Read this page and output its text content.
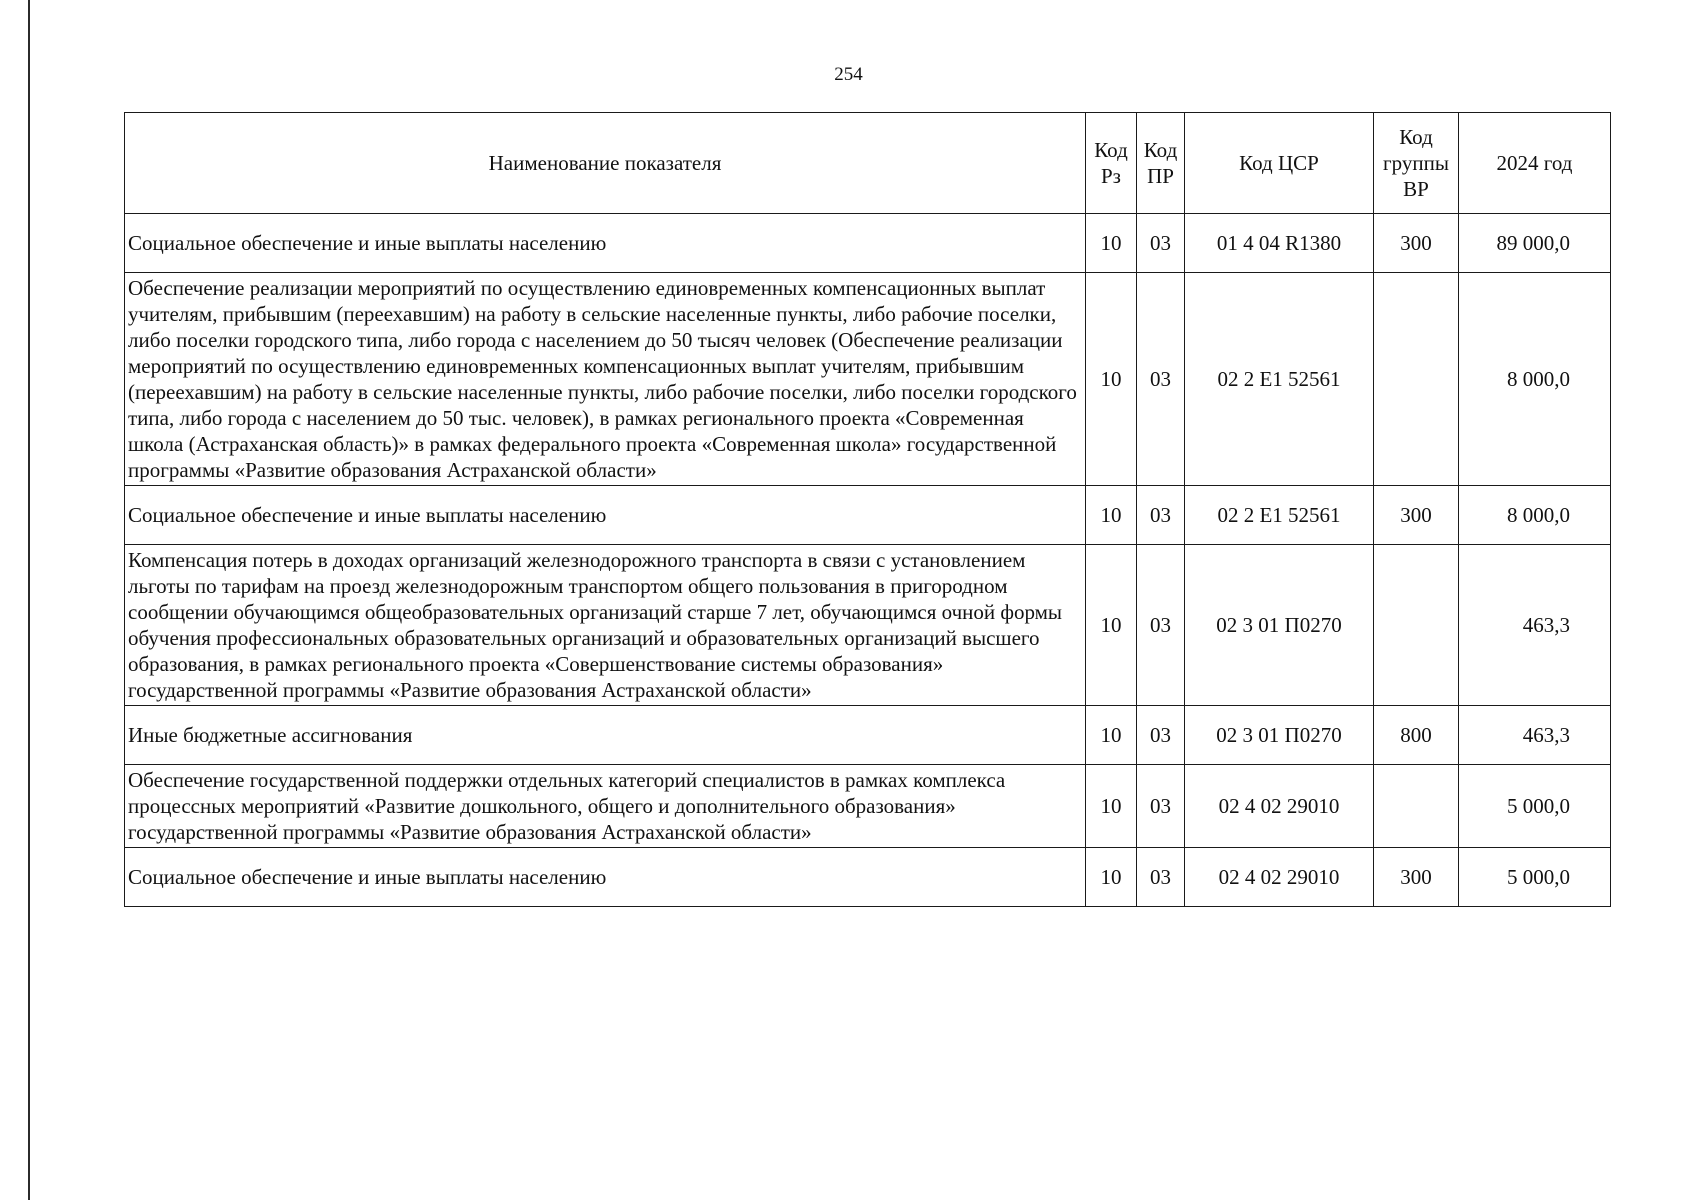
254
Наименование показателя	Код Рз	Код ПР	Код ЦСР	Код группы ВР	2024 год
Социальное обеспечение и иные выплаты населению	10	03	01 4 04 R1380	300	89 000,0
Обеспечение реализации мероприятий по осуществлению единовременных компенсационных выплат учителям, прибывшим (переехавшим) на работу в сельские населенные пункты, либо рабочие поселки, либо поселки городского типа, либо города с населением до 50 тысяч человек (Обеспечение реализации мероприятий по осуществлению единовременных компенсационных выплат учителям, прибывшим (переехавшим) на работу в сельские населенные пункты, либо рабочие поселки, либо поселки городского типа, либо города с населением до 50 тыс. человек), в рамках регионального проекта «Современная школа (Астраханская область)» в рамках федерального проекта «Современная школа» государственной программы «Развитие образования Астраханской области»	10	03	02 2 Е1 52561		8 000,0
Социальное обеспечение и иные выплаты населению	10	03	02 2 Е1 52561	300	8 000,0
Компенсация потерь в доходах организаций железнодорожного транспорта в связи с установлением льготы по тарифам на проезд железнодорожным транспортом общего пользования в пригородном сообщении обучающимся общеобразовательных организаций старше 7 лет, обучающимся очной формы обучения профессиональных образовательных организаций и образовательных организаций высшего образования, в рамках регионального проекта «Совершенствование системы образования» государственной программы «Развитие образования Астраханской области»	10	03	02 3 01 П0270		463,3
Иные бюджетные ассигнования	10	03	02 3 01 П0270	800	463,3
Обеспечение государственной поддержки отдельных категорий специалистов в рамках комплекса процессных мероприятий «Развитие дошкольного, общего и дополнительного образования» государственной программы «Развитие образования Астраханской области»	10	03	02 4 02 29010		5 000,0
Социальное обеспечение и иные выплаты населению	10	03	02 4 02 29010	300	5 000,0
